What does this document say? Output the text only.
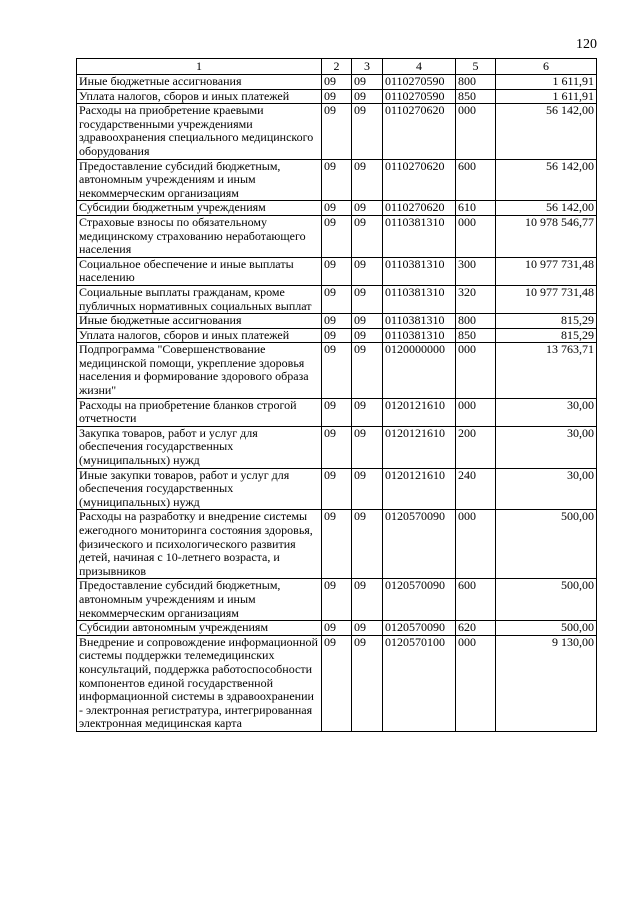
120
1	2	3	4	5	6
Иные бюджетные ассигнования	09	09	0110270590	800	1 611,91
Уплата налогов, сборов и иных платежей	09	09	0110270590	850	1 611,91
Расходы на приобретение краевыми государственными учреждениями здравоохранения специального медицинского оборудования	09	09	0110270620	000	56 142,00
Предоставление субсидий бюджетным, автономным учреждениям и иным некоммерческим организациям	09	09	0110270620	600	56 142,00
Субсидии бюджетным учреждениям	09	09	0110270620	610	56 142,00
Страховые взносы по обязательному медицинскому страхованию неработающего населения	09	09	0110381310	000	10 978 546,77
Социальное обеспечение и иные выплаты населению	09	09	0110381310	300	10 977 731,48
Социальные выплаты гражданам, кроме публичных нормативных социальных выплат	09	09	0110381310	320	10 977 731,48
Иные бюджетные ассигнования	09	09	0110381310	800	815,29
Уплата налогов, сборов и иных платежей	09	09	0110381310	850	815,29
Подпрограмма "Совершенствование медицинской помощи, укрепление здоровья населения и формирование здорового образа жизни"	09	09	0120000000	000	13 763,71
Расходы на приобретение бланков строгой отчетности	09	09	0120121610	000	30,00
Закупка товаров, работ и услуг для обеспечения государственных (муниципальных) нужд	09	09	0120121610	200	30,00
Иные закупки товаров, работ и услуг для обеспечения государственных (муниципальных) нужд	09	09	0120121610	240	30,00
Расходы на разработку и внедрение системы ежегодного мониторинга состояния здоровья, физического и психологического развития детей, начиная с 10-летнего возраста, и призывников	09	09	0120570090	000	500,00
Предоставление субсидий бюджетным, автономным учреждениям и иным некоммерческим организациям	09	09	0120570090	600	500,00
Субсидии автономным учреждениям	09	09	0120570090	620	500,00
Внедрение и сопровождение информационной системы поддержки телемедицинских консультаций, поддержка работоспособности компонентов единой государственной информационной системы в здравоохранении - электронная регистратура, интегрированная электронная медицинская карта	09	09	0120570100	000	9 130,00
